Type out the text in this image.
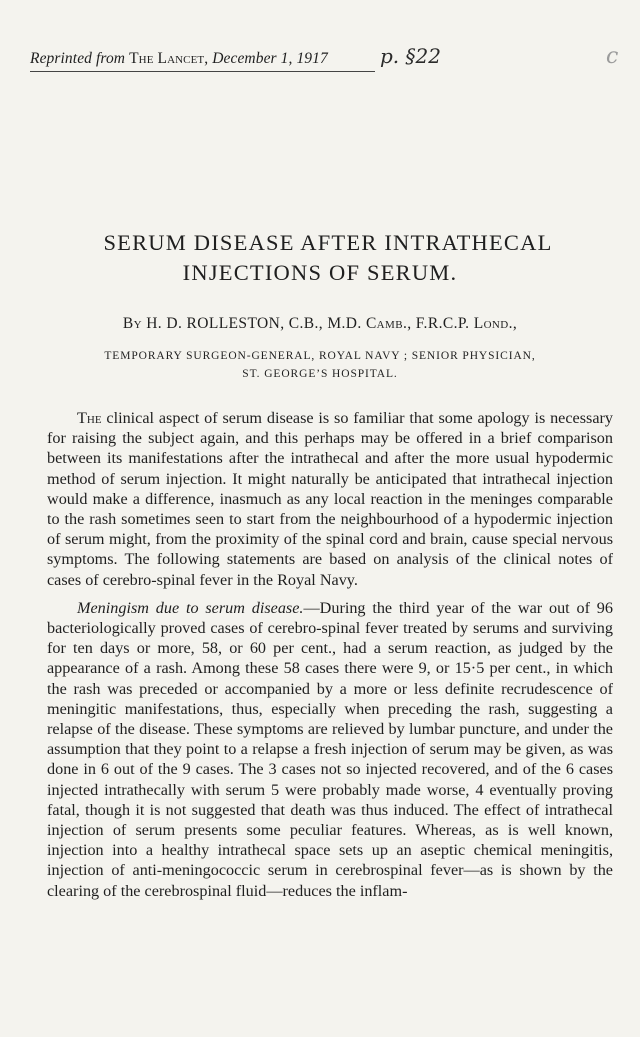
Reprinted from The Lancet, December 1, 1917	p. §22	c
SERUM DISEASE AFTER INTRATHECAL
INJECTIONS OF SERUM.
By H. D. ROLLESTON, C.B., M.D. Camb., F.R.C.P. Lond.,
TEMPORARY SURGEON-GENERAL, ROYAL NAVY ; SENIOR PHYSICIAN,
ST. GEORGE’S HOSPITAL.

The clinical aspect of serum disease is so familiar that some apology is necessary for raising the subject again, and this perhaps may be offered in a brief comparison between its manifestations after the intrathecal and after the more usual hypodermic method of serum injection. It might naturally be anticipated that intrathecal injection would make a difference, inasmuch as any local reaction in the meninges comparable to the rash sometimes seen to start from the neighbourhood of a hypodermic injection of serum might, from the proximity of the spinal cord and brain, cause special nervous symptoms. The following statements are based on analysis of the clinical notes of cases of cerebro-spinal fever in the Royal Navy.

Meningism due to serum disease.—During the third year of the war out of 96 bacteriologically proved cases of cerebro-spinal fever treated by serums and surviving for ten days or more, 58, or 60 per cent., had a serum reaction, as judged by the appearance of a rash. Among these 58 cases there were 9, or 15·5 per cent., in which the rash was preceded or accompanied by a more or less definite recrudescence of meningitic manifestations, thus, especially when preceding the rash, suggesting a relapse of the disease. These symptoms are relieved by lumbar puncture, and under the assumption that they point to a relapse a fresh injection of serum may be given, as was done in 6 out of the 9 cases. The 3 cases not so injected recovered, and of the 6 cases injected intrathecally with serum 5 were probably made worse, 4 eventually proving fatal, though it is not suggested that death was thus induced. The effect of intrathecal injection of serum presents some peculiar features. Whereas, as is well known, injection into a healthy intrathecal space sets up an aseptic chemical meningitis, injection of anti-meningococcic serum in cerebrospinal fever—as is shown by the clearing of the cerebrospinal fluid—reduces the inflam-
